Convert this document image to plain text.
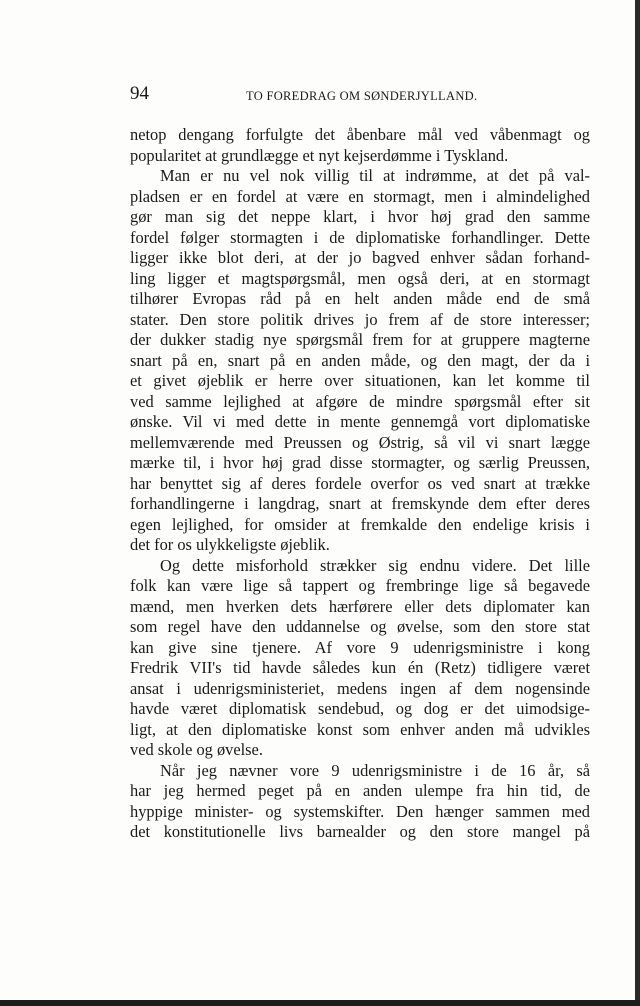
94	TO FOREDRAG OM SØNDERJYLLAND.
netop dengang forfulgte det åbenbare mål ved våbenmagt og
popularitet at grundlægge et nyt kejserdømme i Tyskland.
Man er nu vel nok villig til at indrømme, at det på val-
pladsen er en fordel at være en stormagt, men i almindelighed
gør man sig det neppe klart, i hvor høj grad den samme
fordel følger stormagten i de diplomatiske forhandlinger. Dette
ligger ikke blot deri, at der jo bagved enhver sådan forhand-
ling ligger et magtspørgsmål, men også deri, at en stormagt
tilhører Evropas råd på en helt anden måde end de små
stater. Den store politik drives jo frem af de store interesser;
der dukker stadig nye spørgsmål frem for at gruppere magterne
snart på en, snart på en anden måde, og den magt, der da i
et givet øjeblik er herre over situationen, kan let komme til
ved samme lejlighed at afgøre de mindre spørgsmål efter sit
ønske. Vil vi med dette in mente gennemgå vort diplomatiske
mellemværende med Preussen og Østrig, så vil vi snart lægge
mærke til, i hvor høj grad disse stormagter, og særlig Preussen,
har benyttet sig af deres fordele overfor os ved snart at trække
forhandlingerne i langdrag, snart at fremskynde dem efter deres
egen lejlighed, for omsider at fremkalde den endelige krisis i
det for os ulykkeligste øjeblik.
Og dette misforhold strækker sig endnu videre. Det lille
folk kan være lige så tappert og frembringe lige så begavede
mænd, men hverken dets hærførere eller dets diplomater kan
som regel have den uddannelse og øvelse, som den store stat
kan give sine tjenere. Af vore 9 udenrigsministre i kong
Fredrik VII's tid havde således kun én (Retz) tidligere været
ansat i udenrigsministeriet, medens ingen af dem nogensinde
havde været diplomatisk sendebud, og dog er det uimodsige-
ligt, at den diplomatiske konst som enhver anden må udvikles
ved skole og øvelse.
Når jeg nævner vore 9 udenrigsministre i de 16 år, så
har jeg hermed peget på en anden ulempe fra hin tid, de
hyppige minister- og systemskifter. Den hænger sammen med
det konstitutionelle livs barnealder og den store mangel på
